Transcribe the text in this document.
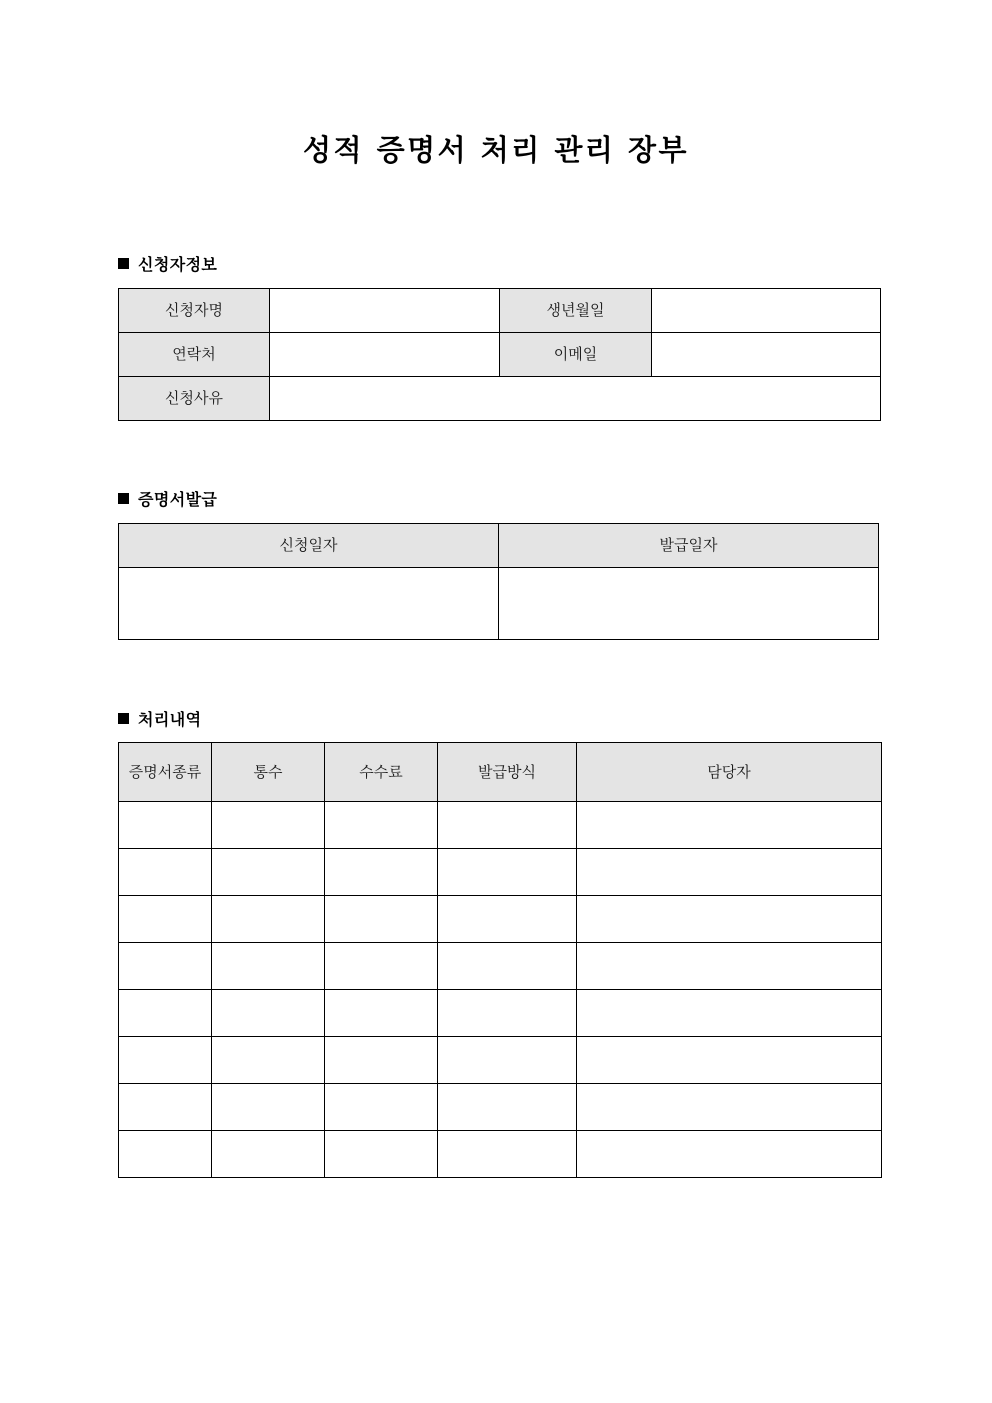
성적 증명서 처리 관리 장부
신청자정보
신청자명		생년월일	
연락처		이메일	
신청사유			
증명서발급
신청일자	발급일자

처리내역
증명서종류	통수	수수료	발급방식	담당자
